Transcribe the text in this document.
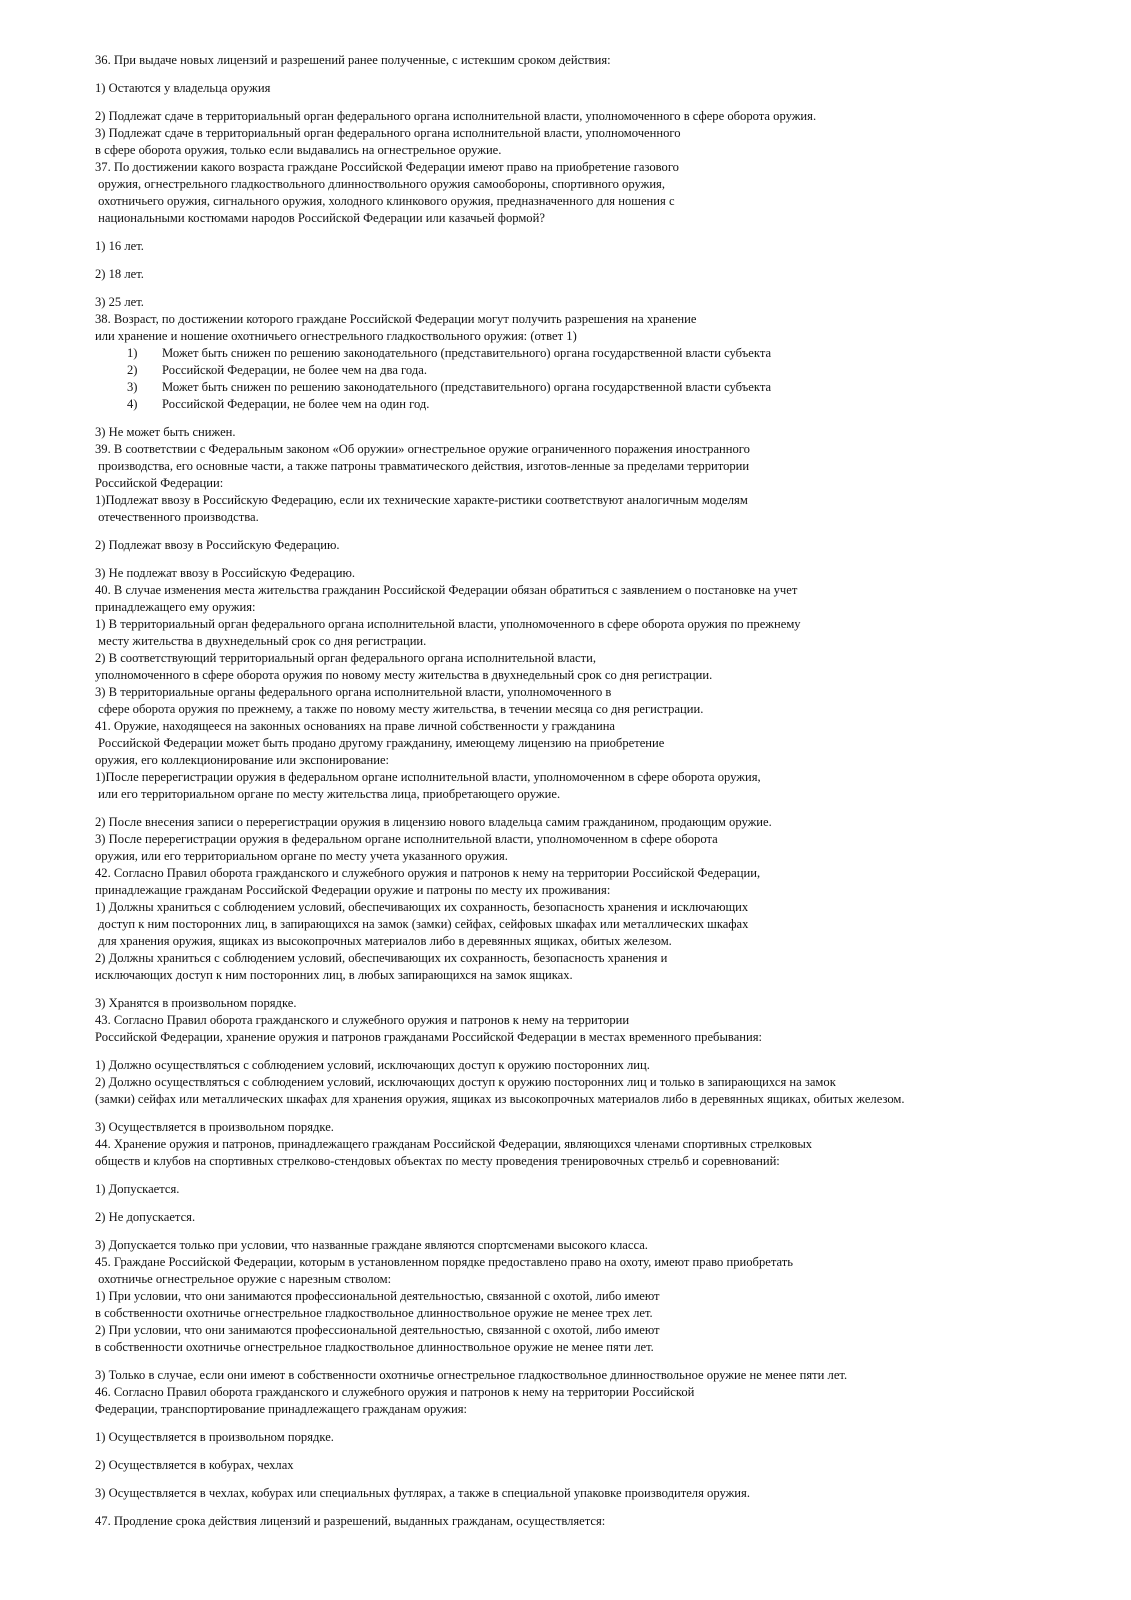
36. При выдаче новых лицензий и разрешений ранее полученные, с истекшим сроком действия:
1) Остаются у владельца оружия
2) Подлежат сдаче в территориальный орган федерального органа исполнительной власти, уполномоченного в сфере оборота оружия.
3) Подлежат сдаче в территориальный орган федерального органа исполнительной власти, уполномоченного
в сфере оборота оружия, только если выдавались на огнестрельное оружие.
37. По достижении какого возраста граждане Российской Федерации имеют право на приобретение газового
оружия, огнестрельного гладкоствольного длинноствольного оружия самообороны, спортивного оружия,
охотничьего оружия, сигнального оружия, холодного клинкового оружия, предназначенного для ношения с
национальными костюмами народов Российской Федерации или казачьей формой?
1) 16 лет.
2) 18 лет.
3) 25 лет.
38. Возраст, по достижении которого граждане Российской Федерации могут получить разрешения на хранение
или хранение и ношение охотничьего огнестрельного гладкоствольного оружия: (ответ 1)
1) Может быть снижен по решению законодательного (представительного) органа государственной власти субъекта
2) Российской Федерации, не более чем на два года.
3) Может быть снижен по решению законодательного (представительного) органа государственной власти субъекта
4) Российской Федерации, не более чем на один год.
3) Не может быть снижен.
39. В соответствии с Федеральным законом «Об оружии» огнестрельное оружие ограниченного поражения иностранного
производства, его основные части, а также патроны травматического действия, изготов-ленные за пределами территории
Российской Федерации:
1)Подлежат ввозу в Российскую Федерацию, если их технические характе-ристики соответствуют аналогичным моделям
отечественного производства.
2) Подлежат ввозу в Российскую Федерацию.
3) Не подлежат ввозу в Российскую Федерацию.
40. В случае изменения места жительства гражданин Российской Федерации обязан обратиться с заявлением о постановке на учет
принадлежащего ему оружия:
1) В территориальный орган федерального органа исполнительной власти, уполномоченного в сфере оборота оружия по прежнему
месту жительства в двухнедельный срок со дня регистрации.
2) В соответствующий территориальный орган федерального органа исполнительной власти,
уполномоченного в сфере оборота оружия по новому месту жительства в двухнедельный срок со дня регистрации.
3) В территориальные органы федерального органа исполнительной власти, уполномоченного в
сфере оборота оружия по прежнему, а также по новому месту жительства, в течении месяца со дня регистрации.
41. Оружие, находящееся на законных основаниях на праве личной собственности у гражданина
Российской Федерации может быть продано другому гражданину, имеющему лицензию на приобретение
оружия, его коллекционирование или экспонирование:
1)После перерегистрации оружия в федеральном органе исполнительной власти, уполномоченном в сфере оборота оружия,
или его территориальном органе по месту жительства лица, приобретающего оружие.
2) После внесения записи о перерегистрации оружия в лицензию нового владельца самим гражданином, продающим оружие.
3) После перерегистрации оружия в федеральном органе исполнительной власти, уполномоченном в сфере оборота
оружия, или его территориальном органе по месту учета указанного оружия.
42. Согласно Правил оборота гражданского и служебного оружия и патронов к нему на территории Российской Федерации,
принадлежащие гражданам Российской Федерации оружие и патроны по месту их проживания:
1) Должны храниться с соблюдением условий, обеспечивающих их сохранность, безопасность хранения и исключающих
доступ к ним посторонних лиц, в запирающихся на замок (замки) сейфах, сейфовых шкафах или металлических шкафах
для хранения оружия, ящиках из высокопрочных материалов либо в деревянных ящиках, обитых железом.
2) Должны храниться с соблюдением условий, обеспечивающих их сохранность, безопасность хранения и
исключающих доступ к ним посторонних лиц, в любых запирающихся на замок ящиках.
3) Хранятся в произвольном порядке.
43. Согласно Правил оборота гражданского и служебного оружия и патронов к нему на территории
Российской Федерации, хранение оружия и патронов гражданами Российской Федерации в местах временного пребывания:
1) Должно осуществляться с соблюдением условий, исключающих доступ к оружию посторонних лиц.
2) Должно осуществляться с соблюдением условий, исключающих доступ к оружию посторонних лиц и только в запирающихся на замок
(замки) сейфах или металлических шкафах для хранения оружия, ящиках из высокопрочных материалов либо в деревянных ящиках, обитых железом.
3) Осуществляется в произвольном порядке.
44. Хранение оружия и патронов, принадлежащего гражданам Российской Федерации, являющихся членами спортивных стрелковых
обществ и клубов на спортивных стрелково-стендовых объектах по месту проведения тренировочных стрельб и соревнований:
1) Допускается.
2) Не допускается.
3) Допускается только при условии, что названные граждане являются спортсменами высокого класса.
45. Граждане Российской Федерации, которым в установленном порядке предоставлено право на охоту, имеют право приобретать
охотничье огнестрельное оружие с нарезным стволом:
1) При условии, что они занимаются профессиональной деятельностью, связанной с охотой, либо имеют
в собственности охотничье огнестрельное гладкоствольное длинноствольное оружие не менее трех лет.
2) При условии, что они занимаются профессиональной деятельностью, связанной с охотой, либо имеют
в собственности охотничье огнестрельное гладкоствольное длинноствольное оружие не менее пяти лет.
3) Только в случае, если они имеют в собственности охотничье огнестрельное гладкоствольное длинноствольное оружие не менее пяти лет.
46. Согласно Правил оборота гражданского и служебного оружия и патронов к нему на территории Российской
Федерации, транспортирование принадлежащего гражданам оружия:
1) Осуществляется в произвольном порядке.
2) Осуществляется в кобурах, чехлах
3) Осуществляется в чехлах, кобурах или специальных футлярах, а также в специальной упаковке производителя оружия.
47. Продление срока действия лицензий и разрешений, выданных гражданам, осуществляется:
